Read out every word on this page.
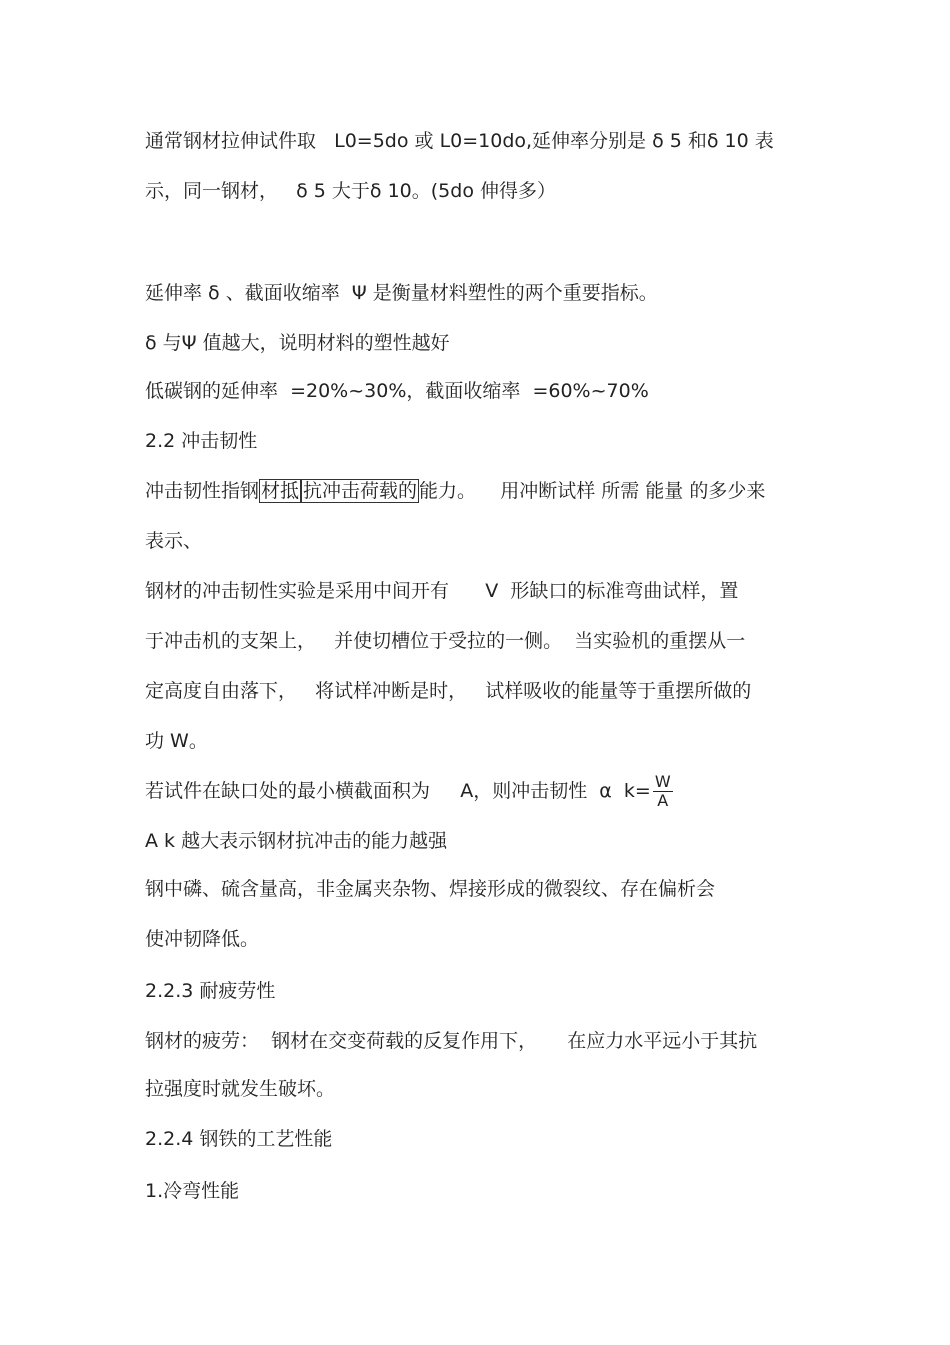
通常钢材拉伸试件取   L0=5do 或 L0=10do,延伸率分别是 δ 5 和δ 10 表

示，同一钢材，   δ 5 大于δ 10。(5do 伸得多）

延伸率 δ 、截面收缩率  Ψ 是衡量材料塑性的两个重要指标。

δ 与Ψ 值越大，说明材料的塑性越好

低碳钢的延伸率  =20%~30%，截面收缩率  =60%~70%

2.2 冲击韧性

冲击韧性指钢 材抵 抗冲击荷载的 能力。    用冲断试样 所需 能量 的多少来

表示、

钢材的冲击韧性实验是采用中间开有      V  形缺口的标准弯曲试样，置

于冲击机的支架上，   并使切槽位于受拉的一侧。  当实验机的重摆从一

定高度自由落下，   将试样冲断是时，   试样吸收的能量等于重摆所做的

功 W。

若试件在缺口处的最小横截面积为     A，则冲击韧性  α  $k= \frac{W}{A}$

A k 越大表示钢材抗冲击的能力越强

钢中磷、硫含量高，非金属夹杂物、焊接形成的微裂纹、存在偏析会

使冲韧降低。

2.2.3 耐疲劳性

钢材的疲劳：  钢材在交变荷载的反复作用下，     在应力水平远小于其抗

拉强度时就发生破坏。

2.2.4 钢铁的工艺性能

1.冷弯性能
